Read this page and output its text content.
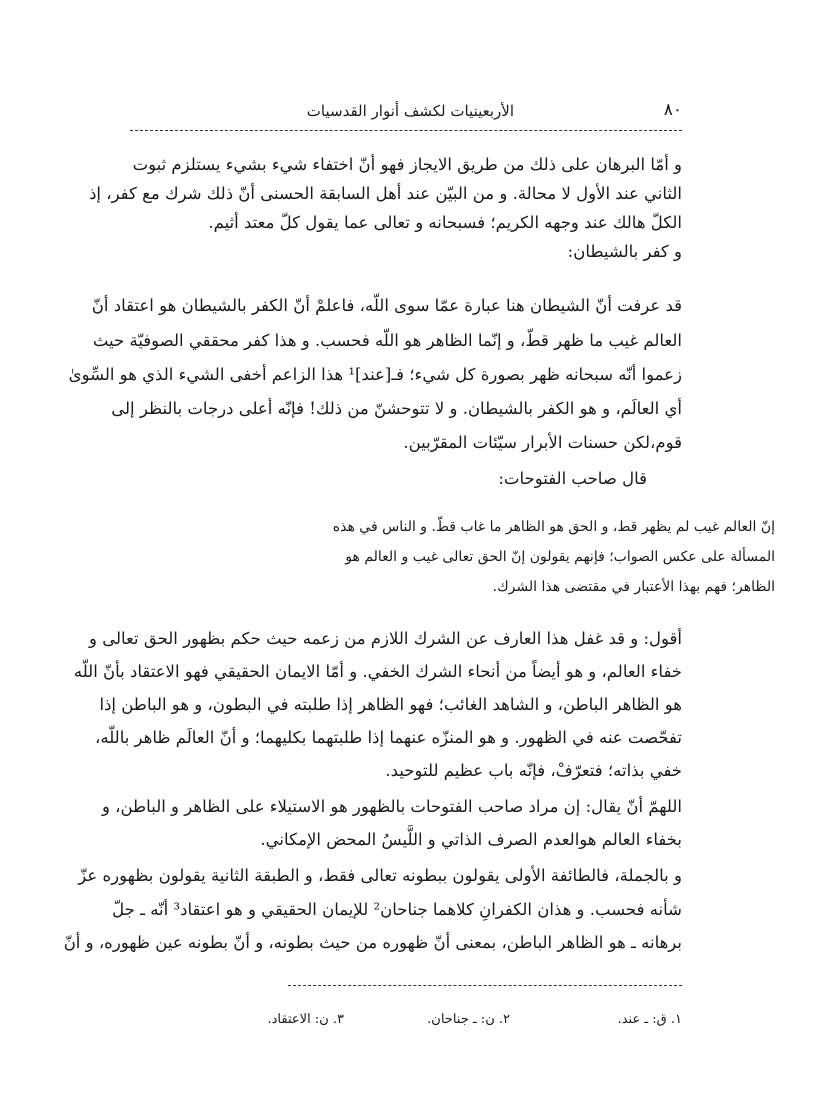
٨٠
الأربعينيات لكشف أنوار القدسيات
و أمّا البرهان على ذلك من طريق الايجاز فهو أنّ اختفاء شيء بشيء يستلزم ثبوت
الثاني عند الأول لا محالة. و من البيّن عند أهل السابقة الحسنى أنّ ذلك شرك مع كفر، إذ
الكلّ هالك عند وجهه الكريم؛ فسبحانه و تعالى عما يقول كلّ معتد أثيم.
و كفر بالشيطان:
قد عرفت أنّ الشيطان هنا عبارة عمّا سوى اللّه، فاعلمْ أنّ الكفر بالشيطان هو اعتقاد أنّ
العالم غيب ما ظهر قطّ، و إنّما الظاهر هو اللّه فحسب. و هذا كفر محققي الصوفيّة حيث
زعموا أنّه سبحانه ظهر بصورة كل شيء؛ فـ[عند]¹ هذا الزاعم أخفى الشيء الذي هو السِّوىٰ
أي العالَم، و هو الكفر بالشيطان. و لا تتوحشنّ من ذلك! فإنّه أعلى درجات بالنظر إلى
قوم،لكن حسنات الأبرار سيّئات المقرّبين.
قال صاحب الفتوحات:
إنّ العالم غيب لم يظهر قط، و الحق هو الظاهر ما غاب قطّ. و الناس في هذه
المسألة على عكس الصواب؛ فإنهم يقولون إنّ الحق تعالى غيب و العالم هو
الظاهر؛ فهم بهذا الأعتبار في مقتضى هذا الشرك.
أقول: و قد غفل هذا العارف عن الشرك اللازم من زعمه حيث حكم بظهور الحق تعالى و
خفاء العالم، و هو أيضاً من أنحاء الشرك الخفي. و أمّا الايمان الحقيقي فهو الاعتقاد بأنّ اللّه
هو الظاهر الباطن، و الشاهد الغائب؛ فهو الظاهر إذا طلبته في البطون، و هو الباطن إذا
تفحّصت عنه في الظهور. و هو المنزّه عنهما إذا طلبتهما بكليهما؛ و أنّ العالَم ظاهر باللّه،
خفي بذاته؛ فتعرّفْ، فإنّه باب عظيم للتوحيد.
اللهمّ أنّ يقال: إن مراد صاحب الفتوحات بالظهور هو الاستيلاء على الظاهر و الباطن، و
بخفاء العالم هوالعدم الصرف الذاتي و اللَّيسُ المحض الإمكاني.
و بالجملة، فالطائفة الأولى يقولون ببطونه تعالى فقط، و الطبقة الثانية يقولون بظهوره عزّ
شأنه فحسب. و هذان الكفرانِ كلاهما جناحان² للإيمان الحقيقي و هو اعتقاد³ أنّه ـ جلّ
برهانه ـ هو الظاهر الباطن، بمعنى أنّ ظهوره من حيث بطونه، و أنّ بطونه عين ظهوره، و أنّ
١. ق: ـ عند.
٢. ن: ـ جناحان.
٣. ن: الاعتقاد.
